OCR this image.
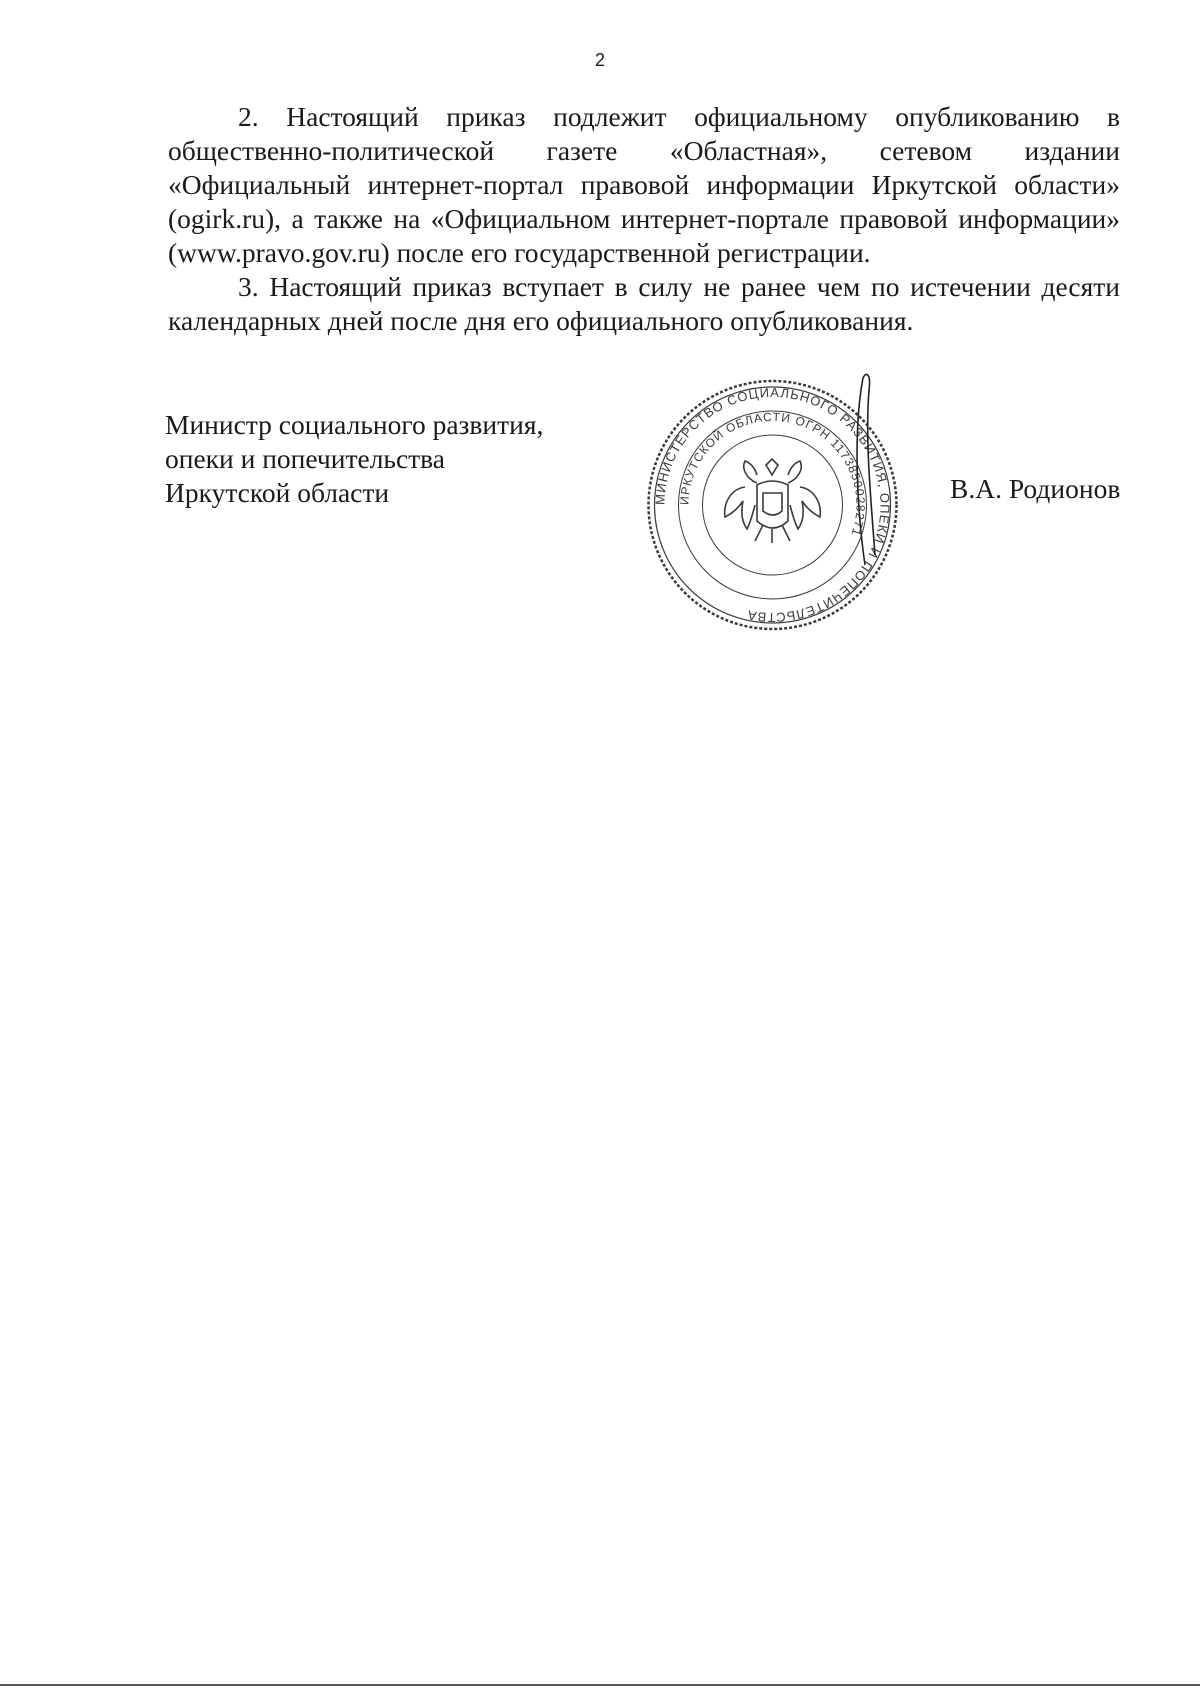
2

2. Настоящий приказ подлежит официальному опубликованию в общественно-политической газете «Областная», сетевом издании «Официальный интернет-портал правовой информации Иркутской области» (ogirk.ru), а также на «Официальном интернет-портале правовой информации» (www.pravo.gov.ru) после его государственной регистрации.

3. Настоящий приказ вступает в силу не ранее чем по истечении десяти календарных дней после дня его официального опубликования.

Министр социального развития,
опеки и попечительства
Иркутской области	МИНИСТЕРСТВО СОЦИАЛЬНОГО РАЗВИТИЯ, ОПЕКИ И ПОПЕЧИТЕЛЬСТВА
ИРКУТСКОЙ ОБЛАСТИ ОГРН 1173850028271
В.А. Родионов
